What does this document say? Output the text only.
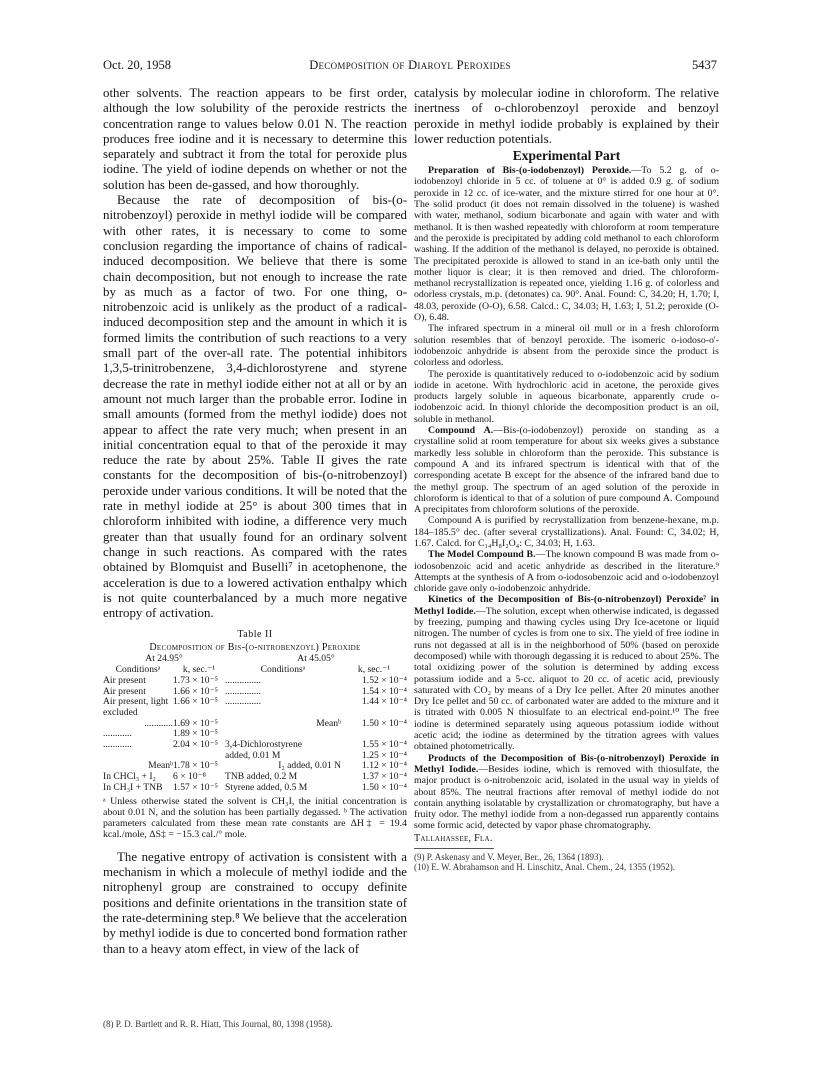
Oct. 20, 1958	Decomposition of Diaroyl Peroxides	5437

other solvents. The reaction appears to be first order, although the low solubility of the peroxide restricts the concentration range to values below 0.01 N. The reaction produces free iodine and it is necessary to determine this separately and subtract it from the total for peroxide plus iodine. The yield of iodine depends on whether or not the solution has been de-gassed, and how thoroughly.

Because the rate of decomposition of bis-(o-nitrobenzoyl) peroxide in methyl iodide will be compared with other rates, it is necessary to come to some conclusion regarding the importance of chains of radical-induced decomposition. We believe that there is some chain decomposition, but not enough to increase the rate by as much as a factor of two. For one thing, o-nitrobenzoic acid is unlikely as the product of a radical-induced decomposition step and the amount in which it is formed limits the contribution of such reactions to a very small part of the over-all rate. The potential inhibitors 1,3,5-trinitrobenzene, 3,4-dichlorostyrene and styrene decrease the rate in methyl iodide either not at all or by an amount not much larger than the probable error. Iodine in small amounts (formed from the methyl iodide) does not appear to affect the rate very much; when present in an initial concentration equal to that of the peroxide it may reduce the rate by about 25%. Table II gives the rate constants for the decomposition of bis-(o-nitrobenzoyl) peroxide under various conditions. It will be noted that the rate in methyl iodide at 25° is about 300 times that in chloroform inhibited with iodine, a difference very much greater than that usually found for an ordinary solvent change in such reactions. As compared with the rates obtained by Blomquist and Buselli⁷ in acetophenone, the acceleration is due to a lowered activation enthalpy which is not quite counterbalanced by a much more negative entropy of activation.

Table II
Decomposition of Bis-(o-nitrobenzoyl) Peroxide
At 24.95°		At 45.05°	
Conditionsᵃ	k, sec.⁻¹	Conditionsᵃ	k, sec.⁻¹
Air present	1.73 × 10⁻⁵	...............	1.52 × 10⁻⁴
Air present	1.66 × 10⁻⁵	...............	1.54 × 10⁻⁴
Air present, light	1.66 × 10⁻⁵	...............	1.44 × 10⁻⁴
excluded			
............	1.69 × 10⁻⁵	Meanᵇ	1.50 × 10⁻⁴
............	1.89 × 10⁻⁵		
............	2.04 × 10⁻⁵	3,4-Dichlorostyrene	1.55 × 10⁻⁴
		added, 0.01 M	1.25 × 10⁻⁴
Meanᵇ	1.78 × 10⁻⁵	I₂ added, 0.01 N	1.12 × 10⁻⁴
In CHCl₃ + I₂	6 × 10⁻⁸	TNB added, 0.2 M	1.37 × 10⁻⁴
In CH₃I + TNB	1.57 × 10⁻⁵	Styrene added, 0.5 M	1.50 × 10⁻⁴
ᵃ Unless otherwise stated the solvent is CH₃I, the initial concentration is about 0.01 N, and the solution has been partially degassed. ᵇ The activation parameters calculated from these mean rate constants are ΔH‡ = 19.4 kcal./mole, ΔS‡ = −15.3 cal./° mole.

The negative entropy of activation is consistent with a mechanism in which a molecule of methyl iodide and the nitrophenyl group are constrained to occupy definite positions and definite orientations in the transition state of the rate-determining step.⁸ We believe that the acceleration by methyl iodide is due to concerted bond formation rather than to a heavy atom effect, in view of the lack of

(8) P. D. Bartlett and R. R. Hiatt, This Journal, 80, 1398 (1958).

catalysis by molecular iodine in chloroform. The relative inertness of o-chlorobenzoyl peroxide and benzoyl peroxide in methyl iodide probably is explained by their lower reduction potentials.

Experimental Part

Preparation of Bis-(o-iodobenzoyl) Peroxide.—To 5.2 g. of o-iodobenzoyl chloride in 5 cc. of toluene at 0° is added 0.9 g. of sodium peroxide in 12 cc. of ice-water, and the mixture stirred for one hour at 0°. The solid product (it does not remain dissolved in the toluene) is washed with water, methanol, sodium bicarbonate and again with water and with methanol. It is then washed repeatedly with chloroform at room temperature and the peroxide is precipitated by adding cold methanol to each chloroform washing. If the addition of the methanol is delayed, no peroxide is obtained. The precipitated peroxide is allowed to stand in an ice-bath only until the mother liquor is clear; it is then removed and dried. The chloroform-methanol recrystallization is repeated once, yielding 1.16 g. of colorless and odorless crystals, m.p. (detonates) ca. 90°. Anal. Found: C, 34.20; H, 1.70; I, 48.03, peroxide (O-O), 6.58. Calcd.: C, 34.03; H, 1.63; I, 51.2; peroxide (O-O), 6.48.

The infrared spectrum in a mineral oil mull or in a fresh chloroform solution resembles that of benzoyl peroxide. The isomeric o-iodoso-o'-iodobenzoic anhydride is absent from the peroxide since the product is colorless and odorless.

The peroxide is quantitatively reduced to o-iodobenzoic acid by sodium iodide in acetone. With hydrochloric acid in acetone, the peroxide gives products largely soluble in aqueous bicarbonate, apparently crude o-iodobenzoic acid. In thionyl chloride the decomposition product is an oil, soluble in methanol.

Compound A.—Bis-(o-iodobenzoyl) peroxide on standing as a crystalline solid at room temperature for about six weeks gives a substance markedly less soluble in chloroform than the peroxide. This substance is compound A and its infrared spectrum is identical with that of the corresponding acetate B except for the absence of the infrared band due to the methyl group. The spectrum of an aged solution of the peroxide in chloroform is identical to that of a solution of pure compound A. Compound A precipitates from chloroform solutions of the peroxide.

Compound A is purified by recrystallization from benzene-hexane, m.p. 184–185.5° dec. (after several crystallizations). Anal. Found: C, 34.02; H, 1.67. Calcd. for C₁₄H₈I₂O₄: C, 34.03; H, 1.63.

The Model Compound B.—The known compound B was made from o-iodosobenzoic acid and acetic anhydride as described in the literature.⁹ Attempts at the synthesis of A from o-iodosobenzoic acid and o-iodobenzoyl chloride gave only o-iodobenzoic anhydride.

Kinetics of the Decomposition of Bis-(o-nitrobenzoyl) Peroxide⁷ in Methyl Iodide.—The solution, except when otherwise indicated, is degassed by freezing, pumping and thawing cycles using Dry Ice-acetone or liquid nitrogen. The number of cycles is from one to six. The yield of free iodine in runs not degassed at all is in the neighborhood of 50% (based on peroxide decomposed) while with thorough degassing it is reduced to about 25%. The total oxidizing power of the solution is determined by adding excess potassium iodide and a 5-cc. aliquot to 20 cc. of acetic acid, previously saturated with CO₂ by means of a Dry Ice pellet. After 20 minutes another Dry Ice pellet and 50 cc. of carbonated water are added to the mixture and it is titrated with 0.005 N thiosulfate to an electrical end-point.¹⁰ The free iodine is determined separately using aqueous potassium iodide without acetic acid; the iodine as determined by the titration agrees with values obtained photometrically.

Products of the Decomposition of Bis-(o-nitrobenzoyl) Peroxide in Methyl Iodide.—Besides iodine, which is removed with thiosulfate, the major product is o-nitrobenzoic acid, isolated in the usual way in yields of about 85%. The neutral fractions after removal of methyl iodide do not contain anything isolatable by crystallization or chromatography, but have a fruity odor. The methyl iodide from a non-degassed run apparently contains some formic acid, detected by vapor phase chromatography.

Tallahassee, Fla.
(9) P. Askenasy and V. Meyer, Ber., 26, 1364 (1893).
(10) E. W. Abrahamson and H. Linschitz, Anal. Chem., 24, 1355 (1952).
